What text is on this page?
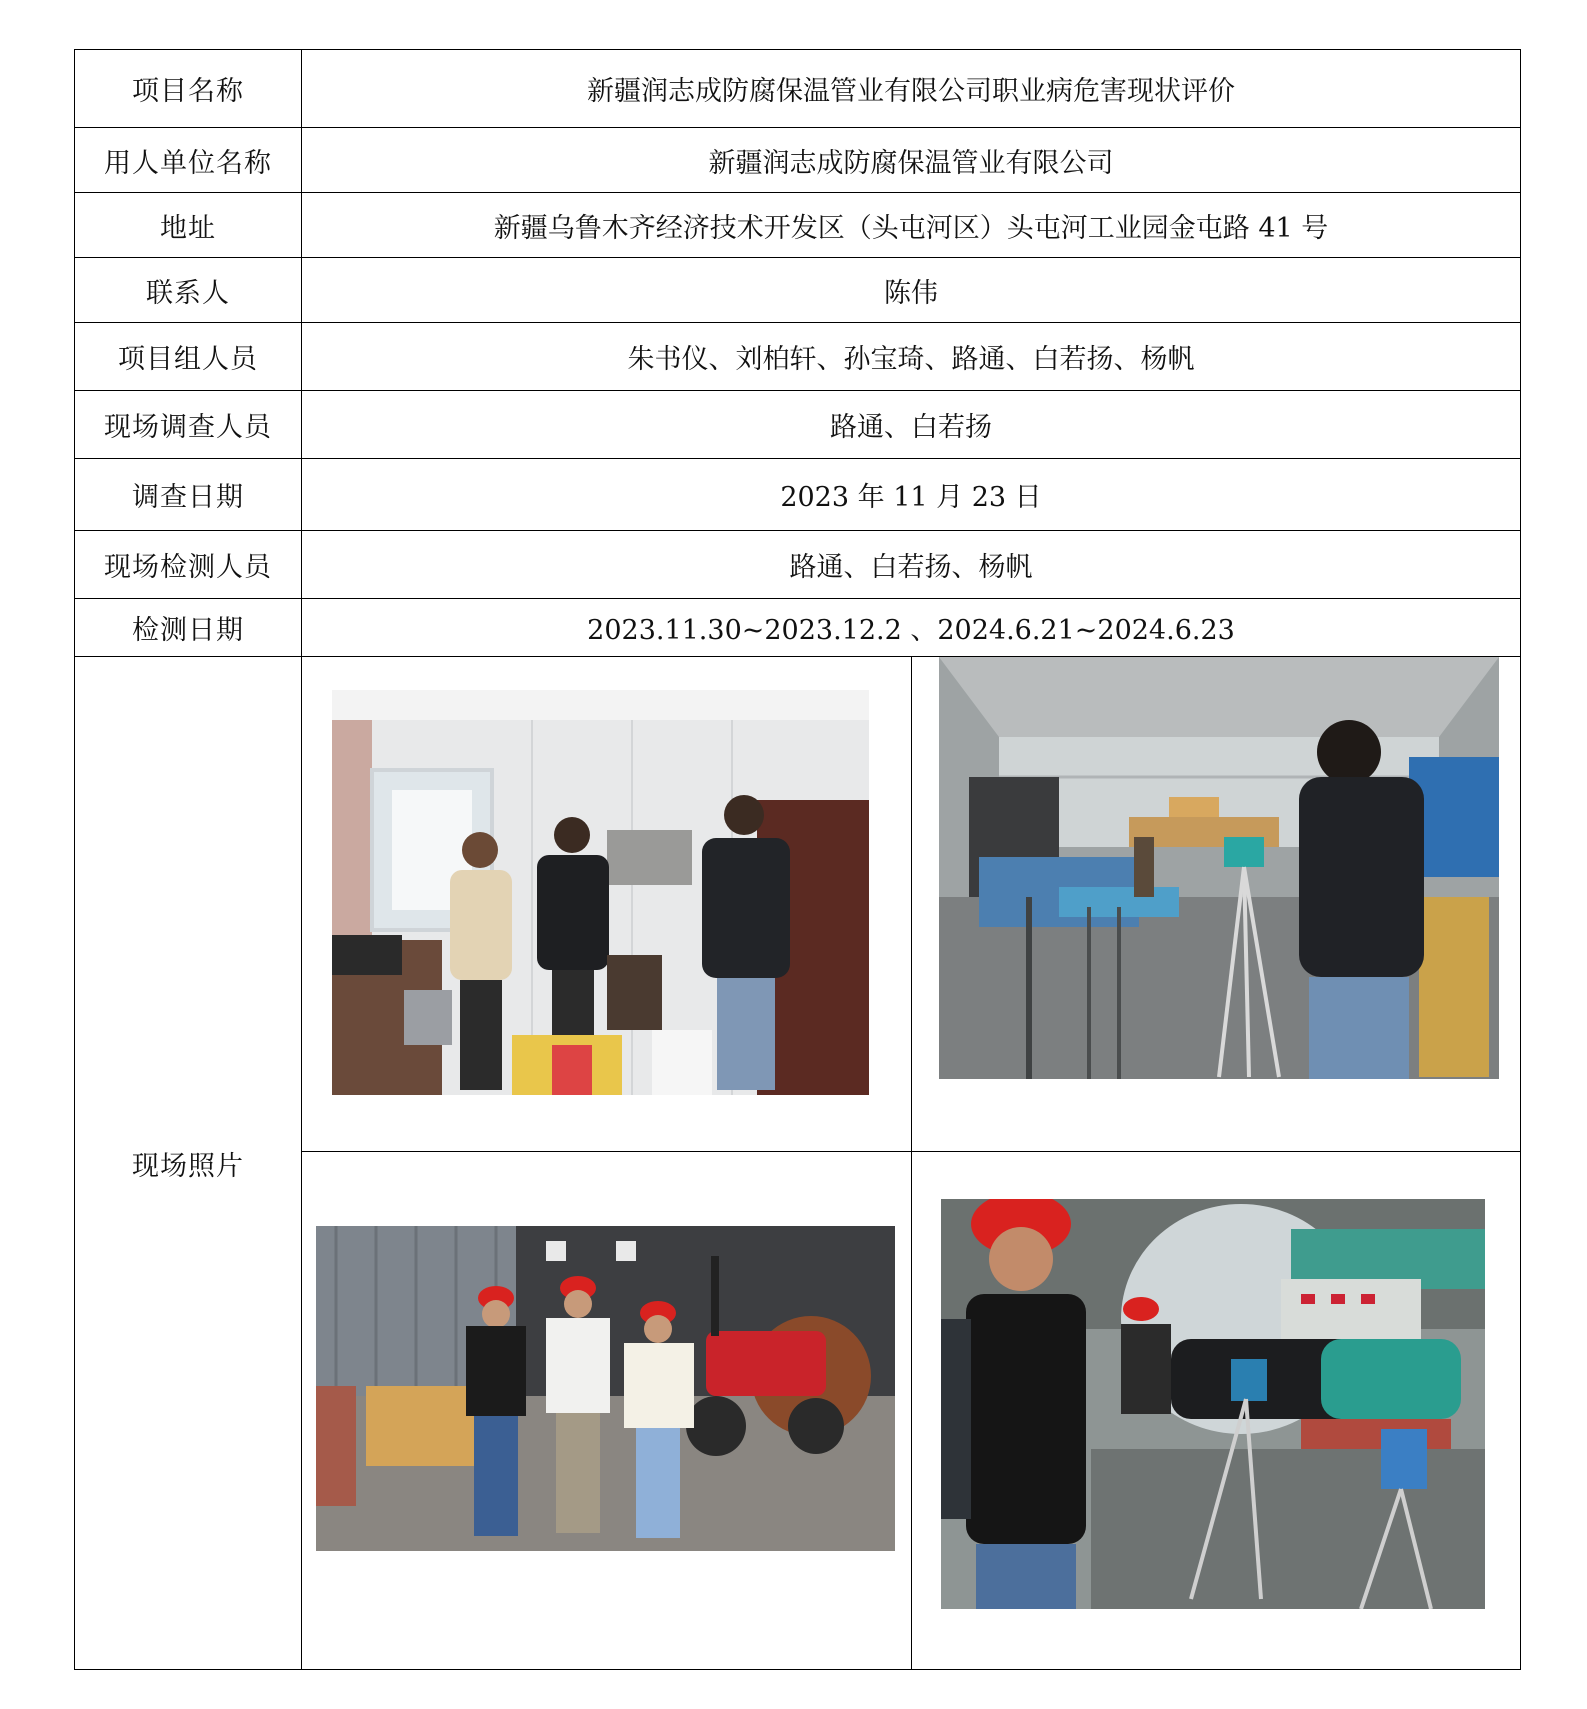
项目名称	新疆润志成防腐保温管业有限公司职业病危害现状评价	
用人单位名称	新疆润志成防腐保温管业有限公司	
地址	新疆乌鲁木齐经济技术开发区（头屯河区）头屯河工业园金屯路 41 号	
联系人	陈伟	
项目组人员	朱书仪、刘柏轩、孙宝琦、路通、白若扬、杨帆	
现场调查人员	路通、白若扬	
调查日期	2023 年 11 月 23 日	
现场检测人员	路通、白若扬、杨帆	
检测日期	2023.11.30~2023.12.2 、2024.6.21~2024.6.23	
现场照片	
